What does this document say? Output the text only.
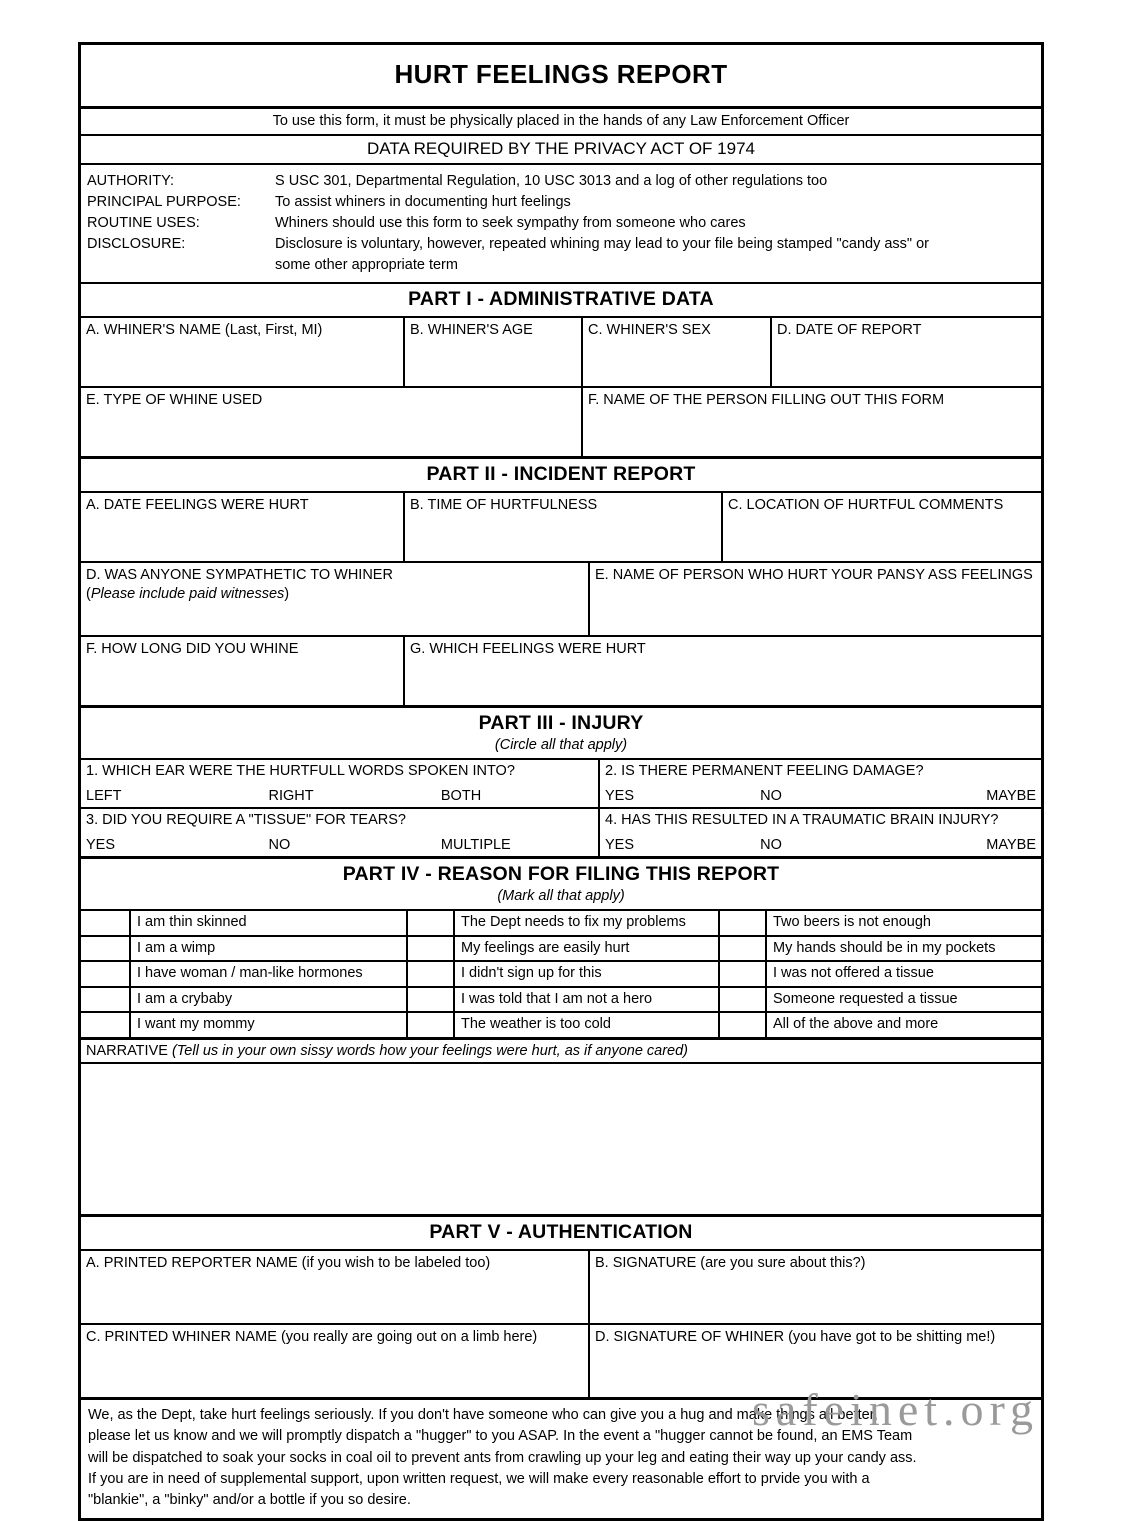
HURT FEELINGS REPORT
To use this form, it must be physically placed in the hands of any Law Enforcement Officer
DATA REQUIRED BY THE PRIVACY ACT OF 1974
AUTHORITY:	S USC 301, Departmental Regulation, 10 USC 3013 and a log of other regulations too
PRINCIPAL PURPOSE:	To assist whiners in documenting hurt feelings
ROUTINE USES:	Whiners should use this form to seek sympathy from someone who cares
DISCLOSURE:	Disclosure is voluntary, however, repeated whining may lead to your file being stamped "candy ass" or
some other appropriate term
PART I - ADMINISTRATIVE DATA
A. WHINER'S NAME (Last, First, MI)	B. WHINER'S AGE	C. WHINER'S SEX	D. DATE OF REPORT
E. TYPE OF WHINE USED	F. NAME OF THE PERSON FILLING OUT THIS FORM
PART II - INCIDENT REPORT
A. DATE FEELINGS WERE HURT	B. TIME OF HURTFULNESS	C. LOCATION OF HURTFUL COMMENTS
D. WAS ANYONE SYMPATHETIC TO WHINER
(Please include paid witnesses)
E. NAME OF PERSON WHO HURT YOUR PANSY ASS FEELINGS
F. HOW LONG DID YOU WHINE	G. WHICH FEELINGS WERE HURT
PART III - INJURY
(Circle all that apply)
1. WHICH EAR WERE THE HURTFULL WORDS SPOKEN INTO?
LEFT	RIGHT	BOTH
2. IS THERE PERMANENT FEELING DAMAGE?
YES	NO	MAYBE
3. DID YOU REQUIRE A "TISSUE" FOR TEARS?
YES	NO	MULTIPLE
4. HAS THIS RESULTED IN A TRAUMATIC BRAIN INJURY?
YES	NO	MAYBE
PART IV - REASON FOR FILING THIS REPORT
(Mark all that apply)
I am thin skinned	The Dept needs to fix my problems	Two beers is not enough
I am a wimp	My feelings are easily hurt	My hands should be in my pockets
I have woman / man-like hormones	I didn't sign up for this	I was not offered a tissue
I am a crybaby	I was told that I am not a hero	Someone requested a tissue
I want my mommy	The weather is too cold	All of the above and more
NARRATIVE (Tell us in your own sissy words how your feelings were hurt, as if anyone cared)
PART V - AUTHENTICATION
A. PRINTED REPORTER NAME (if you wish to be labeled too)	B. SIGNATURE (are you sure about this?)
C. PRINTED WHINER NAME (you really are going out on a limb here)	D. SIGNATURE OF WHINER (you have got to be shitting me!)
We, as the Dept, take hurt feelings seriously. If you don't have someone who can give you a hug and make things all better,
please let us know and we will promptly dispatch a "hugger" to you ASAP. In the event a "hugger cannot be found, an EMS Team
will be dispatched to soak your socks in coal oil to prevent ants from crawling up your leg and eating their way up your candy ass.
If you are in need of supplemental support, upon written request, we will make every reasonable effort to prvide you with a
"blankie", a "binky" and/or a bottle if you so desire.
safeinet.org
